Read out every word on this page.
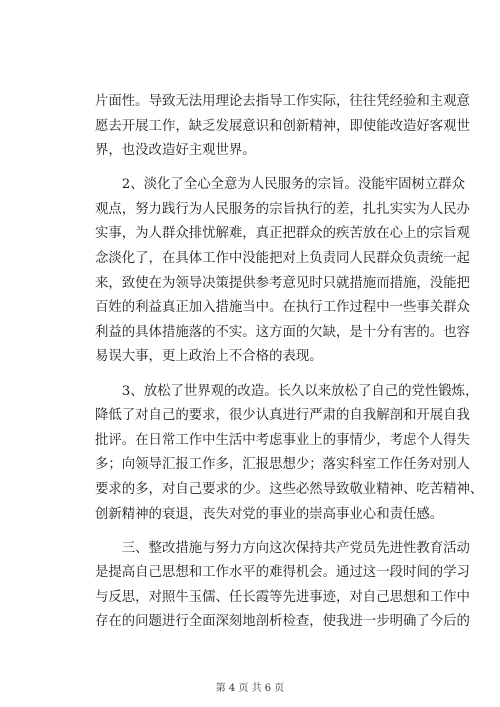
片面性。导致无法用理论去指导工作实际，往往凭经验和主观意
愿去开展工作，缺乏发展意识和创新精神，即使能改造好客观世
界，也没改造好主观世界。
　　2、淡化了全心全意为人民服务的宗旨。没能牢固树立群众
观点，努力践行为人民服务的宗旨执行的差，扎扎实实为人民办
实事，为人群众排忧解难，真正把群众的疾苦放在心上的宗旨观
念淡化了，在具体工作中没能把对上负责同人民群众负责统一起
来，致使在为领导决策提供参考意见时只就措施而措施，没能把
百姓的利益真正加入措施当中。在执行工作过程中一些事关群众
利益的具体措施落的不实。这方面的欠缺，是十分有害的。也容
易误大事，更上政治上不合格的表现。
　　3、放松了世界观的改造。长久以来放松了自己的党性锻炼，
降低了对自己的要求，很少认真进行严肃的自我解剖和开展自我
批评。在日常工作中生活中考虑事业上的事情少，考虑个人得失
多；向领导汇报工作多，汇报思想少；落实科室工作任务对别人
要求的多，对自己要求的少。这些必然导致敬业精神、吃苦精神、
创新精神的衰退，丧失对党的事业的崇高事业心和责任感。
　　三、整改措施与努力方向这次保持共产党员先进性教育活动
是提高自己思想和工作水平的难得机会。通过这一段时间的学习
与反思，对照牛玉儒、任长霞等先进事迹，对自己思想和工作中
存在的问题进行全面深刻地剖析检查，使我进一步明确了今后的
第 4 页 共 6 页
